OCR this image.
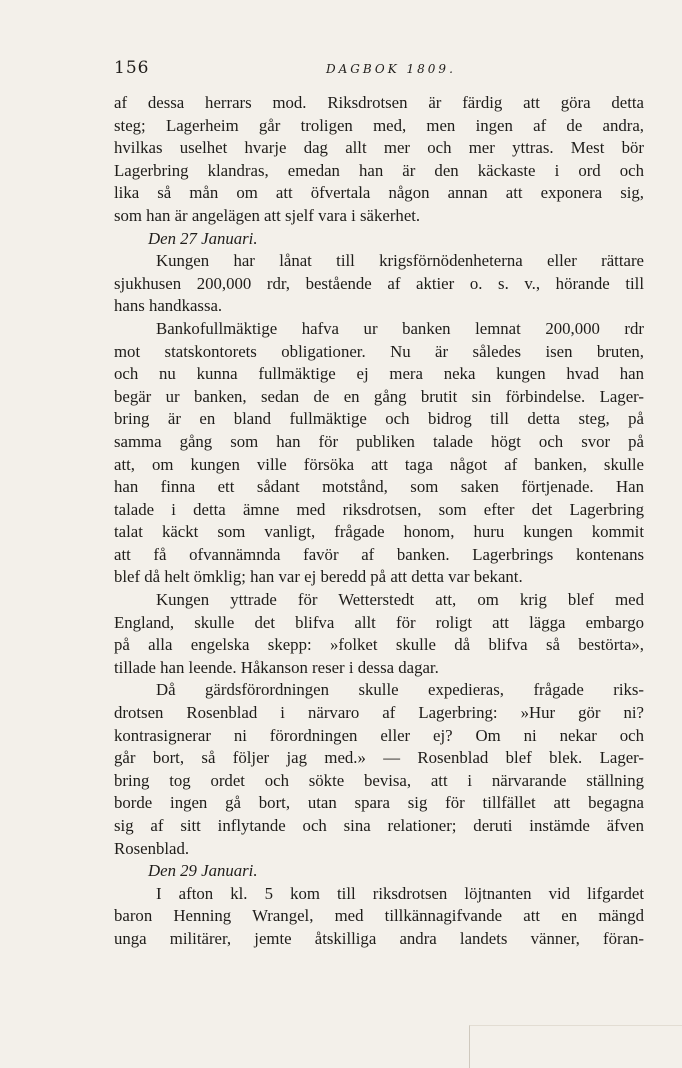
156	DAGBOK 1809.
af dessa herrars mod. Riksdrotsen är färdig att göra detta
steg; Lagerheim går troligen med, men ingen af de andra,
hvilkas uselhet hvarje dag allt mer och mer yttras. Mest bör
Lagerbring klandras, emedan han är den käckaste i ord och
lika så mån om att öfvertala någon annan att exponera sig,
som han är angelägen att sjelf vara i säkerhet.
Den 27 Januari.
Kungen har lånat till krigsförnödenheterna eller rättare
sjukhusen 200,000 rdr, bestående af aktier o. s. v., hörande till
hans handkassa.
Bankofullmäktige hafva ur banken lemnat 200,000 rdr
mot statskontorets obligationer. Nu är således isen bruten,
och nu kunna fullmäktige ej mera neka kungen hvad han
begär ur banken, sedan de en gång brutit sin förbindelse. Lager-
bring är en bland fullmäktige och bidrog till detta steg, på
samma gång som han för publiken talade högt och svor på
att, om kungen ville försöka att taga något af banken, skulle
han finna ett sådant motstånd, som saken förtjenade. Han
talade i detta ämne med riksdrotsen, som efter det Lagerbring
talat käckt som vanligt, frågade honom, huru kungen kommit
att få ofvannämnda favör af banken. Lagerbrings kontenans
blef då helt ömklig; han var ej beredd på att detta var bekant.
Kungen yttrade för Wetterstedt att, om krig blef med
England, skulle det blifva allt för roligt att lägga embargo
på alla engelska skepp: »folket skulle då blifva så bestörta»,
tillade han leende. Håkanson reser i dessa dagar.
Då gärdsförordningen skulle expedieras, frågade riks-
drotsen Rosenblad i närvaro af Lagerbring: »Hur gör ni?
kontrasignerar ni förordningen eller ej? Om ni nekar och
går bort, så följer jag med.» — Rosenblad blef blek. Lager-
bring tog ordet och sökte bevisa, att i närvarande ställning
borde ingen gå bort, utan spara sig för tillfället att begagna
sig af sitt inflytande och sina relationer; deruti instämde äfven
Rosenblad.
Den 29 Januari.
I afton kl. 5 kom till riksdrotsen löjtnanten vid lifgardet
baron Henning Wrangel, med tillkännagifvande att en mängd
unga militärer, jemte åtskilliga andra landets vänner, föran-
